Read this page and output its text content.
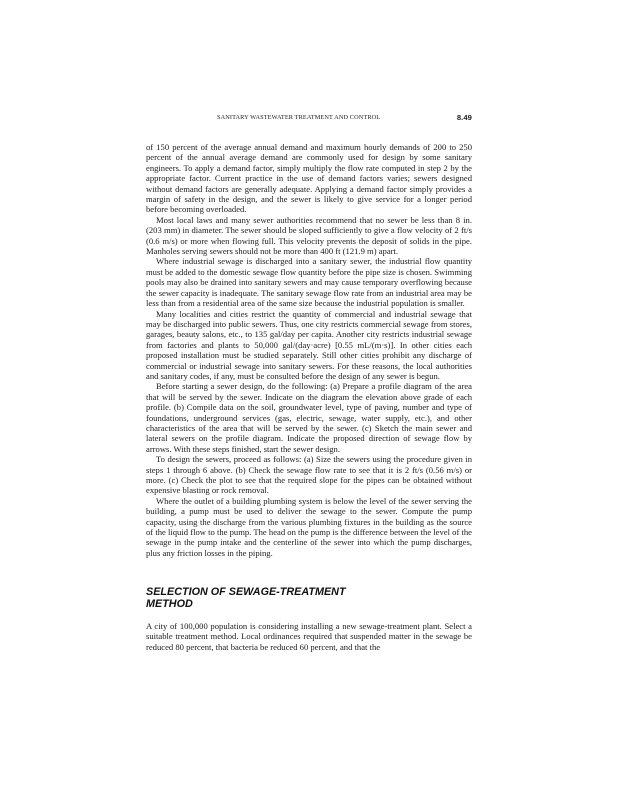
SANITARY WASTEWATER TREATMENT AND CONTROL	8.49

of 150 percent of the average annual demand and maximum hourly demands of 200 to 250 percent of the annual average demand are commonly used for design by some sanitary engineers. To apply a demand factor, simply multiply the flow rate computed in step 2 by the appropriate factor. Current practice in the use of demand factors varies; sewers designed without demand factors are generally adequate. Applying a demand factor simply provides a margin of safety in the design, and the sewer is likely to give service for a longer period before becoming overloaded.

Most local laws and many sewer authorities recommend that no sewer be less than 8 in. (203 mm) in diameter. The sewer should be sloped sufficiently to give a flow velocity of 2 ft/s (0.6 m/s) or more when flowing full. This velocity prevents the deposit of solids in the pipe. Manholes serving sewers should not be more than 400 ft (121.9 m) apart.

Where industrial sewage is discharged into a sanitary sewer, the industrial flow quantity must be added to the domestic sewage flow quantity before the pipe size is chosen. Swimming pools may also be drained into sanitary sewers and may cause temporary overflowing because the sewer capacity is inadequate. The sanitary sewage flow rate from an industrial area may be less than from a residential area of the same size because the industrial population is smaller.

Many localities and cities restrict the quantity of commercial and industrial sewage that may be discharged into public sewers. Thus, one city restricts commercial sewage from stores, garages, beauty salons, etc., to 135 gal/day per capita. Another city restricts industrial sewage from factories and plants to 50,000 gal/(day·acre) [0.55 mL/(m·s)]. In other cities each proposed installation must be studied separately. Still other cities prohibit any discharge of commercial or industrial sewage into sanitary sewers. For these reasons, the local authorities and sanitary codes, if any, must be consulted before the design of any sewer is begun.

Before starting a sewer design, do the following: (a) Prepare a profile diagram of the area that will be served by the sewer. Indicate on the diagram the elevation above grade of each profile. (b) Compile data on the soil, groundwater level, type of paving, number and type of foundations, underground services (gas, electric, sewage, water supply, etc.), and other characteristics of the area that will be served by the sewer. (c) Sketch the main sewer and lateral sewers on the profile diagram. Indicate the proposed direction of sewage flow by arrows. With these steps finished, start the sewer design.

To design the sewers, proceed as follows: (a) Size the sewers using the procedure given in steps 1 through 6 above. (b) Check the sewage flow rate to see that it is 2 ft/s (0.56 m/s) or more. (c) Check the plot to see that the required slope for the pipes can be obtained without expensive blasting or rock removal.

Where the outlet of a building plumbing system is below the level of the sewer serving the building, a pump must be used to deliver the sewage to the sewer. Compute the pump capacity, using the discharge from the various plumbing fixtures in the building as the source of the liquid flow to the pump. The head on the pump is the difference between the level of the sewage in the pump intake and the centerline of the sewer into which the pump discharges, plus any friction losses in the piping.

SELECTION OF SEWAGE-TREATMENT
METHOD

A city of 100,000 population is considering installing a new sewage-treatment plant. Select a suitable treatment method. Local ordinances required that suspended matter in the sewage be reduced 80 percent, that bacteria be reduced 60 percent, and that the
